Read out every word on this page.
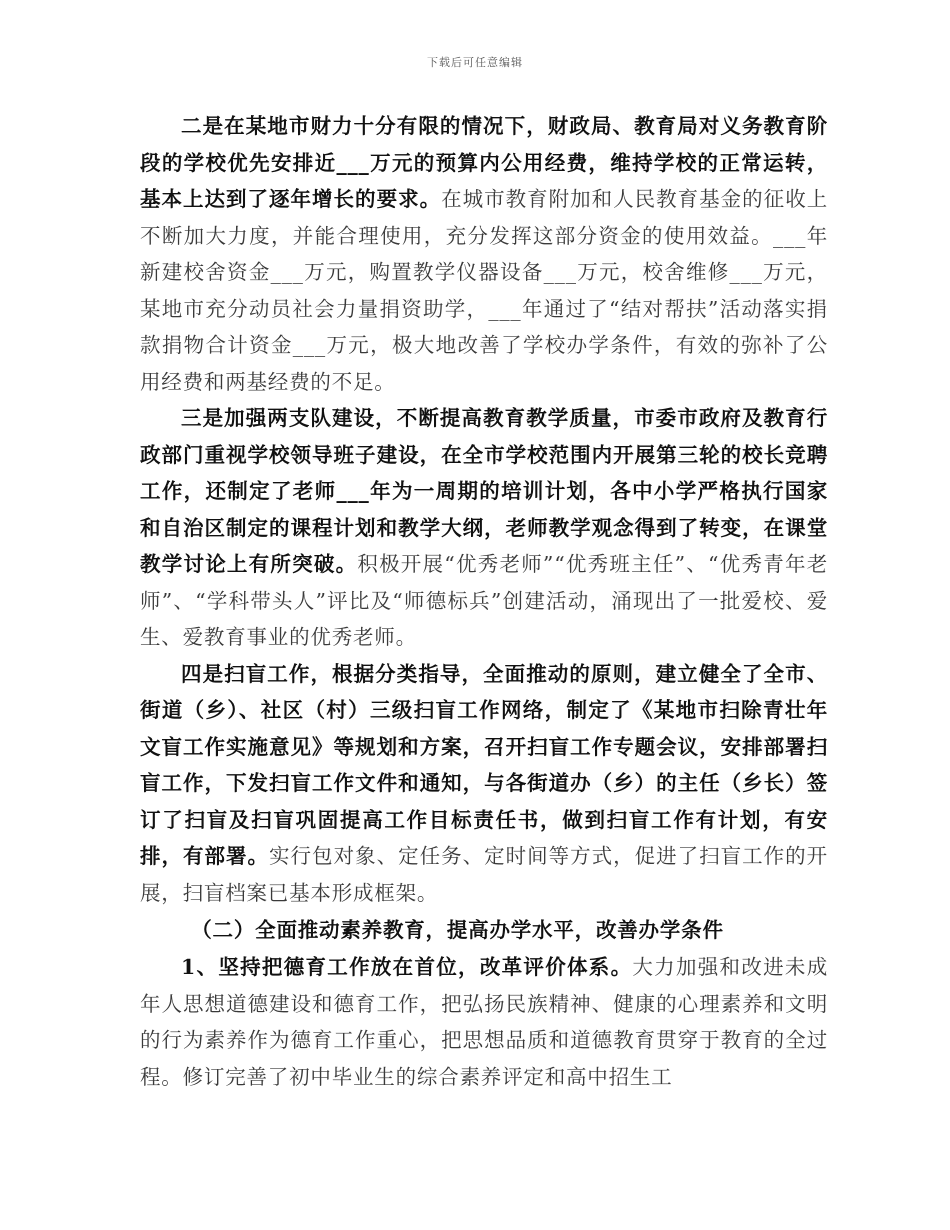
下载后可任意编辑

二是在某地市财力十分有限的情况下，财政局、教育局对义务教育阶段的学校优先安排近___万元的预算内公用经费，维持学校的正常运转，基本上达到了逐年增长的要求。在城市教育附加和人民教育基金的征收上不断加大力度，并能合理使用，充分发挥这部分资金的使用效益。___年新建校舍资金___万元，购置教学仪器设备___万元，校舍维修___万元，某地市充分动员社会力量捐资助学，___年通过了“结对帮扶”活动落实捐款捐物合计资金___万元，极大地改善了学校办学条件，有效的弥补了公用经费和两基经费的不足。

三是加强两支队建设，不断提高教育教学质量，市委市政府及教育行政部门重视学校领导班子建设，在全市学校范围内开展第三轮的校长竞聘工作，还制定了老师___年为一周期的培训计划，各中小学严格执行国家和自治区制定的课程计划和教学大纲，老师教学观念得到了转变，在课堂教学讨论上有所突破。积极开展“优秀老师”“优秀班主任”、“优秀青年老师”、“学科带头人”评比及“师德标兵”创建活动，涌现出了一批爱校、爱生、爱教育事业的优秀老师。

四是扫盲工作，根据分类指导，全面推动的原则，建立健全了全市、街道（乡）、社区（村）三级扫盲工作网络，制定了《某地市扫除青壮年文盲工作实施意见》等规划和方案，召开扫盲工作专题会议，安排部署扫盲工作，下发扫盲工作文件和通知，与各街道办（乡）的主任（乡长）签订了扫盲及扫盲巩固提高工作目标责任书，做到扫盲工作有计划，有安排，有部署。实行包对象、定任务、定时间等方式，促进了扫盲工作的开展，扫盲档案已基本形成框架。

（二）全面推动素养教育，提高办学水平，改善办学条件

1、坚持把德育工作放在首位，改革评价体系。大力加强和改进未成年人思想道德建设和德育工作，把弘扬民族精神、健康的心理素养和文明的行为素养作为德育工作重心，把思想品质和道德教育贯穿于教育的全过程。修订完善了初中毕业生的综合素养评定和高中招生工
